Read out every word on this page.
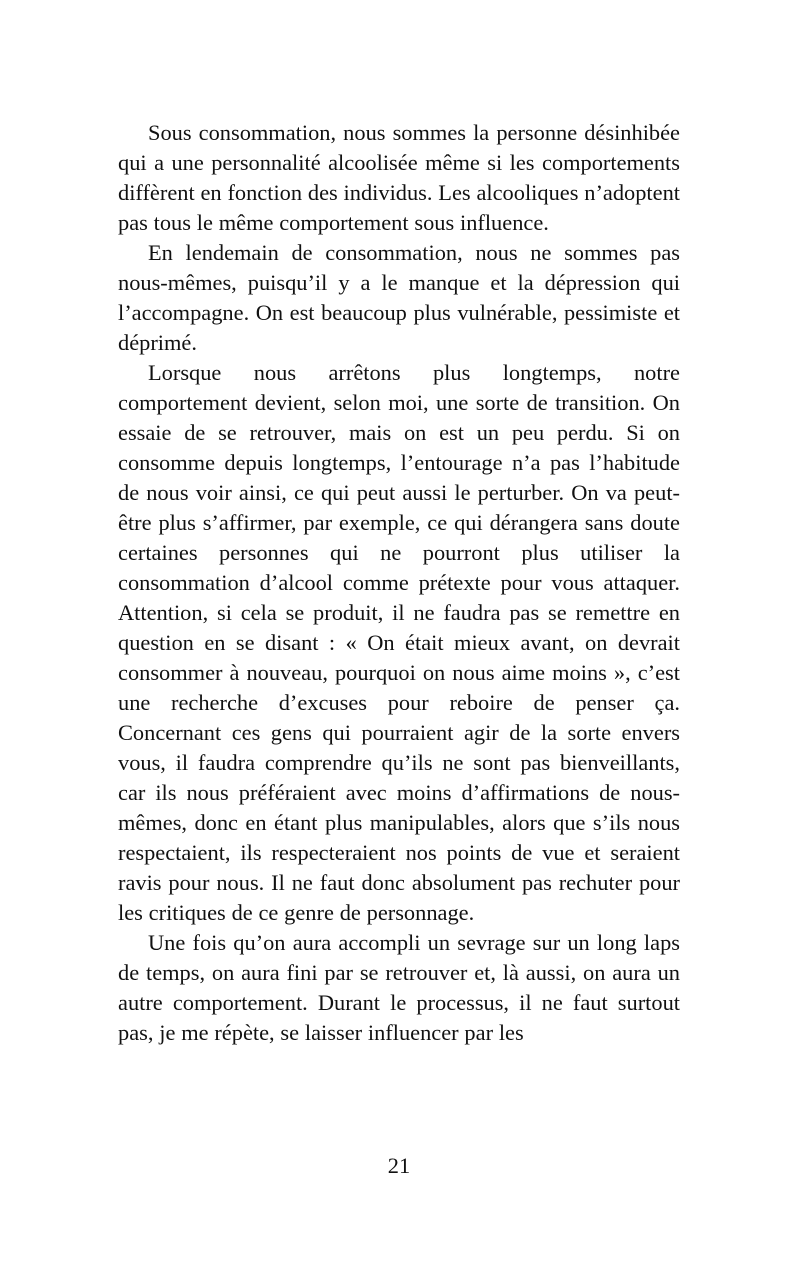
Sous consommation, nous sommes la personne désinhibée qui a une personnalité alcoolisée même si les comportements diffèrent en fonction des individus. Les alcooliques n’adoptent pas tous le même comportement sous influence.

En lendemain de consommation, nous ne sommes pas nous-mêmes, puisqu’il y a le manque et la dépression qui l’accompagne. On est beaucoup plus vulnérable, pessimiste et déprimé.

Lorsque nous arrêtons plus longtemps, notre comportement devient, selon moi, une sorte de transition. On essaie de se retrouver, mais on est un peu perdu. Si on consomme depuis longtemps, l’entourage n’a pas l’habitude de nous voir ainsi, ce qui peut aussi le perturber. On va peut-être plus s’affirmer, par exemple, ce qui dérangera sans doute certaines personnes qui ne pourront plus utiliser la consommation d’alcool comme prétexte pour vous attaquer. Attention, si cela se produit, il ne faudra pas se remettre en question en se disant : « On était mieux avant, on devrait consommer à nouveau, pourquoi on nous aime moins », c’est une recherche d’excuses pour reboire de penser ça. Concernant ces gens qui pourraient agir de la sorte envers vous, il faudra comprendre qu’ils ne sont pas bienveillants, car ils nous préféraient avec moins d’affirmations de nous-mêmes, donc en étant plus manipulables, alors que s’ils nous respectaient, ils respecteraient nos points de vue et seraient ravis pour nous. Il ne faut donc absolument pas rechuter pour les critiques de ce genre de personnage.

Une fois qu’on aura accompli un sevrage sur un long laps de temps, on aura fini par se retrouver et, là aussi, on aura un autre comportement. Durant le processus, il ne faut surtout pas, je me répète, se laisser influencer par les

21
